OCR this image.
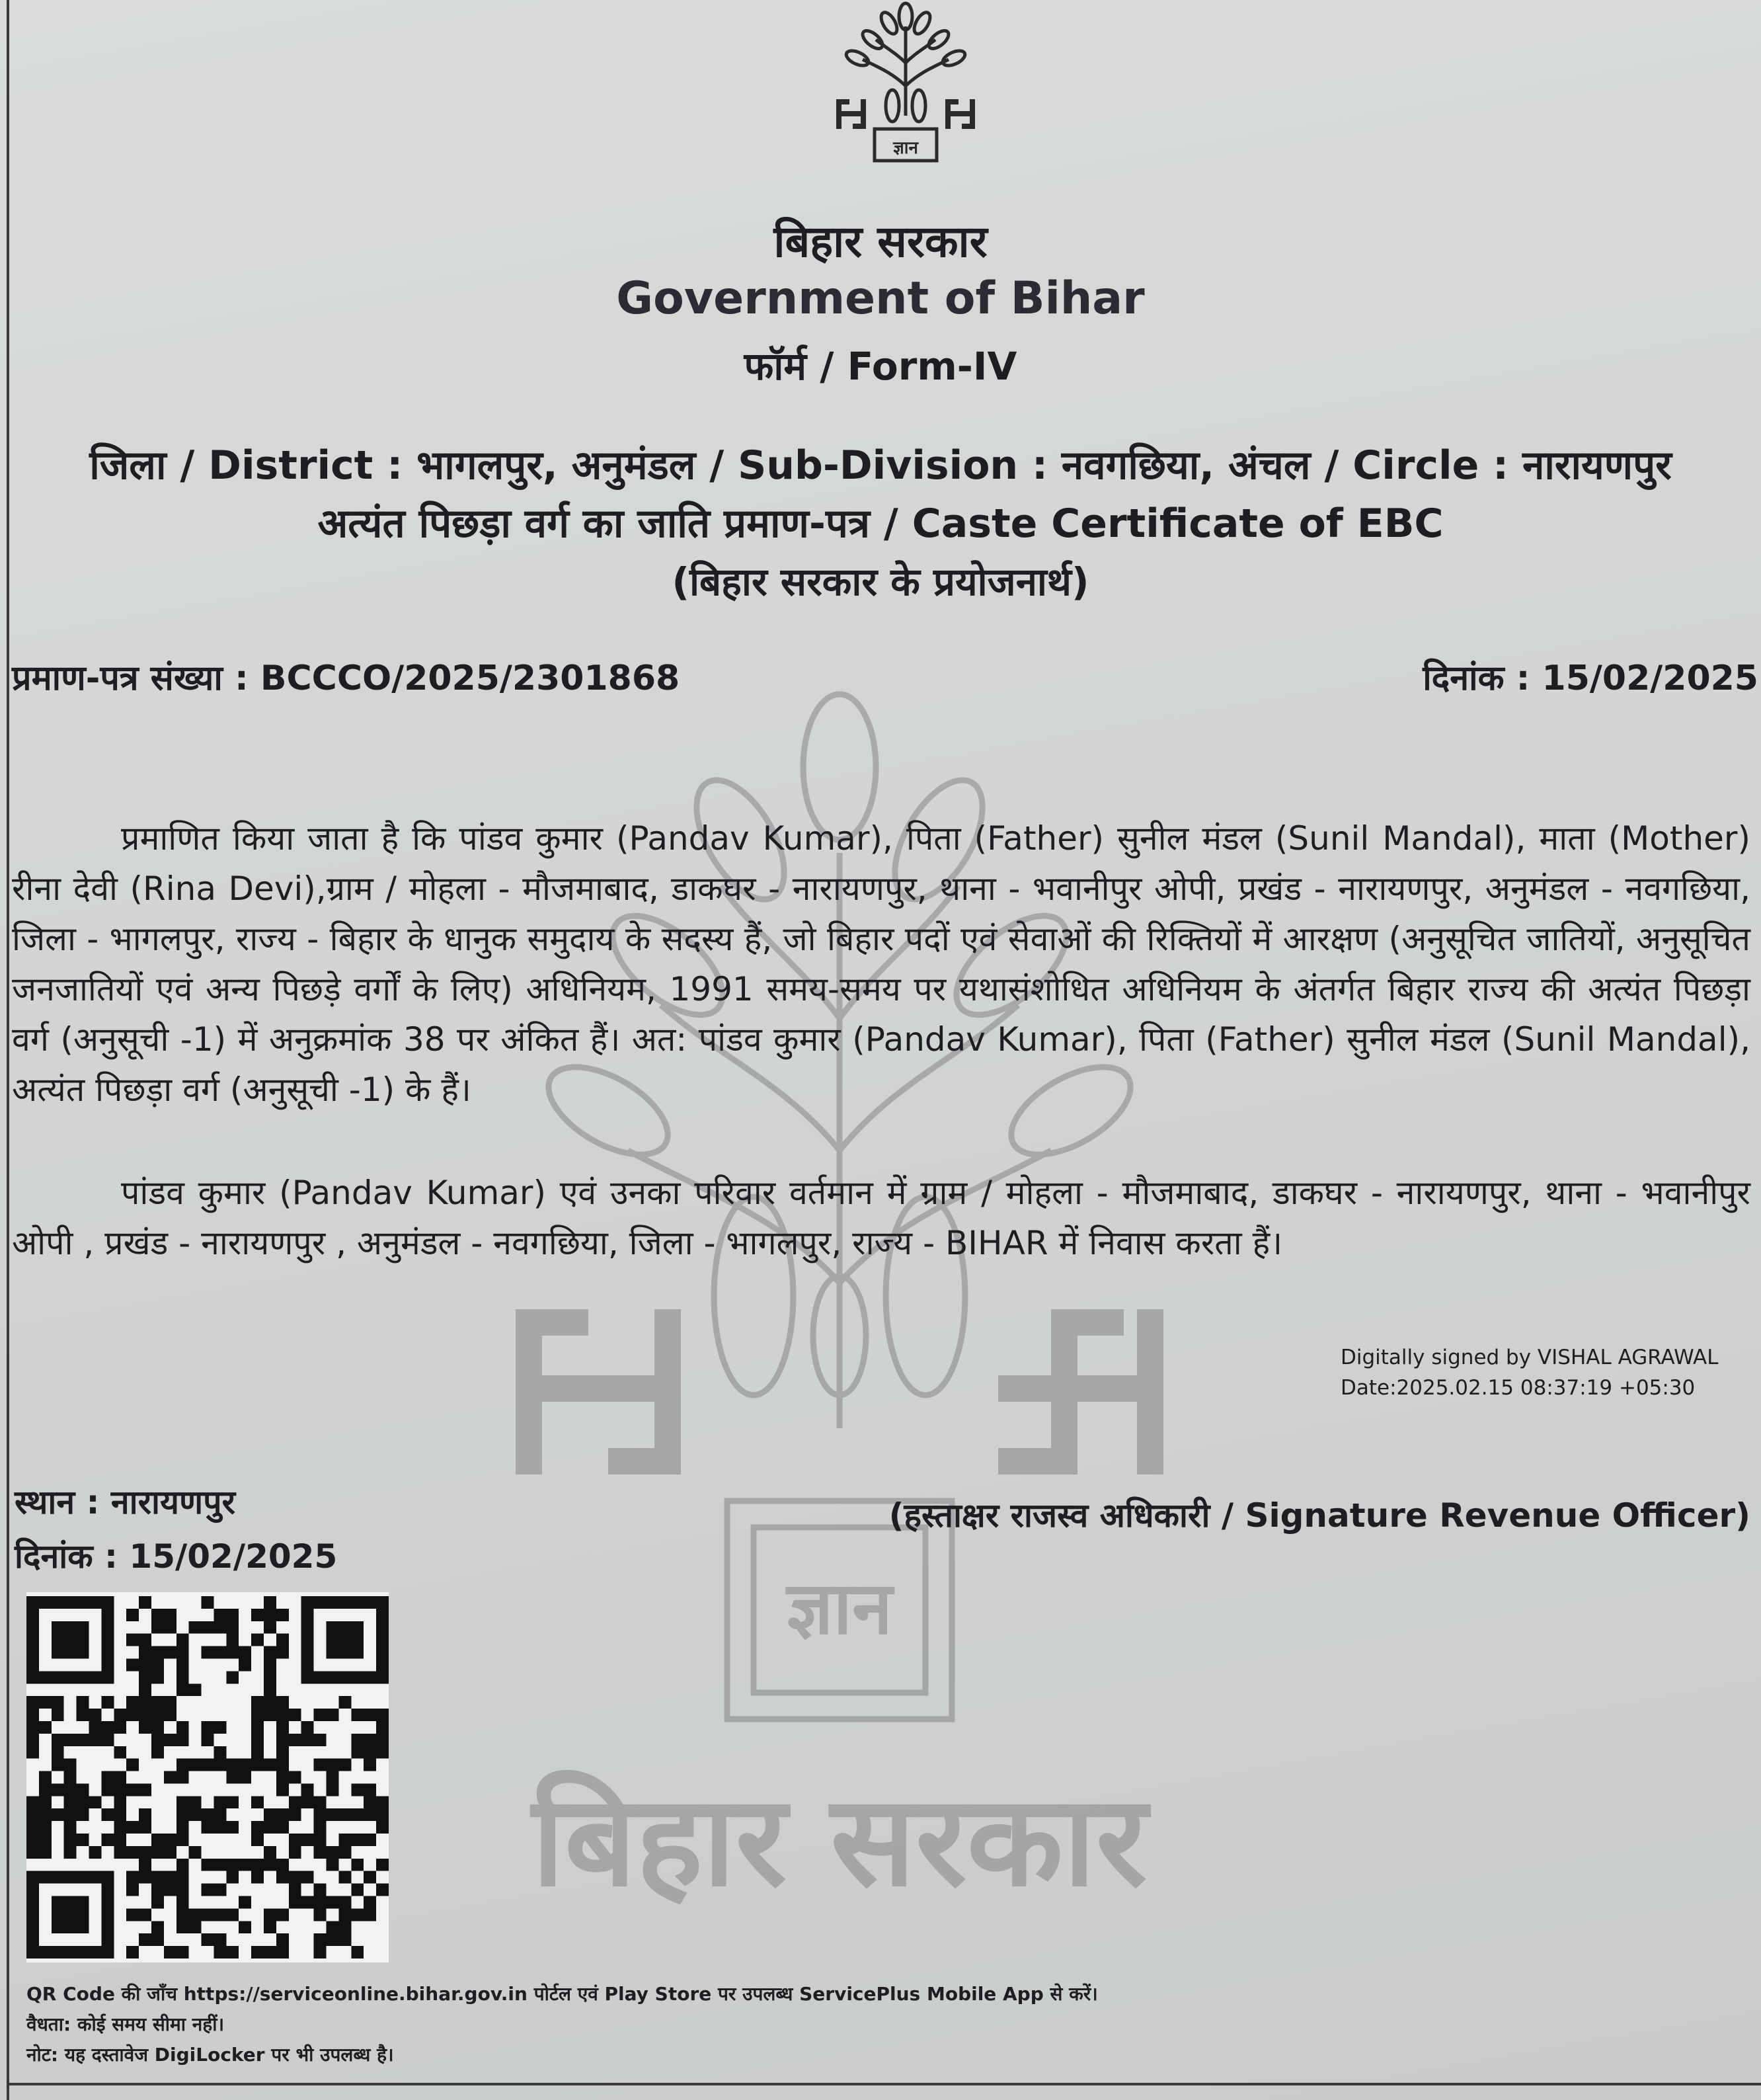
ज्ञान
बिहार सरकार
ज्ञान
बिहार सरकार
Government of Bihar
फॉर्म / Form-IV
जिला / District : भागलपुर, अनुमंडल / Sub-Division : नवगछिया, अंचल / Circle : नारायणपुर
अत्यंत पिछड़ा वर्ग का जाति प्रमाण-पत्र / Caste Certificate of EBC
(बिहार सरकार के प्रयोजनार्थ)
प्रमाण-पत्र संख्या : BCCCO/2025/2301868	दिनांक : 15/02/2025

प्रमाणित किया जाता है कि पांडव कुमार (Pandav Kumar), पिता (Father) सुनील मंडल (Sunil Mandal), माता (Mother) रीना देवी (Rina Devi),ग्राम / मोहला - मौजमाबाद, डाकघर - नारायणपुर, थाना - भवानीपुर ओपी, प्रखंड - नारायणपुर, अनुमंडल - नवगछिया, जिला - भागलपुर, राज्य - बिहार के धानुक समुदाय के सदस्य हैं, जो बिहार पदों एवं सेवाओं की रिक्तियों में आरक्षण (अनुसूचित जातियों, अनुसूचित जनजातियों एवं अन्य पिछड़े वर्गों के लिए) अधिनियम, 1991 समय-समय पर यथासंशोधित अधिनियम के अंतर्गत बिहार राज्य की अत्यंत पिछड़ा वर्ग (अनुसूची -1) में अनुक्रमांक 38 पर अंकित हैं। अत: पांडव कुमार (Pandav Kumar), पिता (Father) सुनील मंडल (Sunil Mandal), अत्यंत पिछड़ा वर्ग (अनुसूची -1) के हैं।

पांडव कुमार (Pandav Kumar) एवं उनका परिवार वर्तमान में ग्राम / मोहला - मौजमाबाद, डाकघर - नारायणपुर, थाना - भवानीपुर ओपी , प्रखंड - नारायणपुर , अनुमंडल - नवगछिया, जिला - भागलपुर, राज्य - BIHAR में निवास करता हैं।

Digitally signed by VISHAL AGRAWAL
Date:2025.02.15 08:37:19 +05:30
स्थान : नारायणपुर
दिनांक : 15/02/2025
(हस्ताक्षर राजस्व अधिकारी / Signature Revenue Officer)
QR Code की जाँच https://serviceonline.bihar.gov.in पोर्टल एवं Play Store पर उपलब्ध ServicePlus Mobile App से करें।
वैधता: कोई समय सीमा नहीं।
नोट: यह दस्तावेज DigiLocker पर भी उपलब्ध है।
